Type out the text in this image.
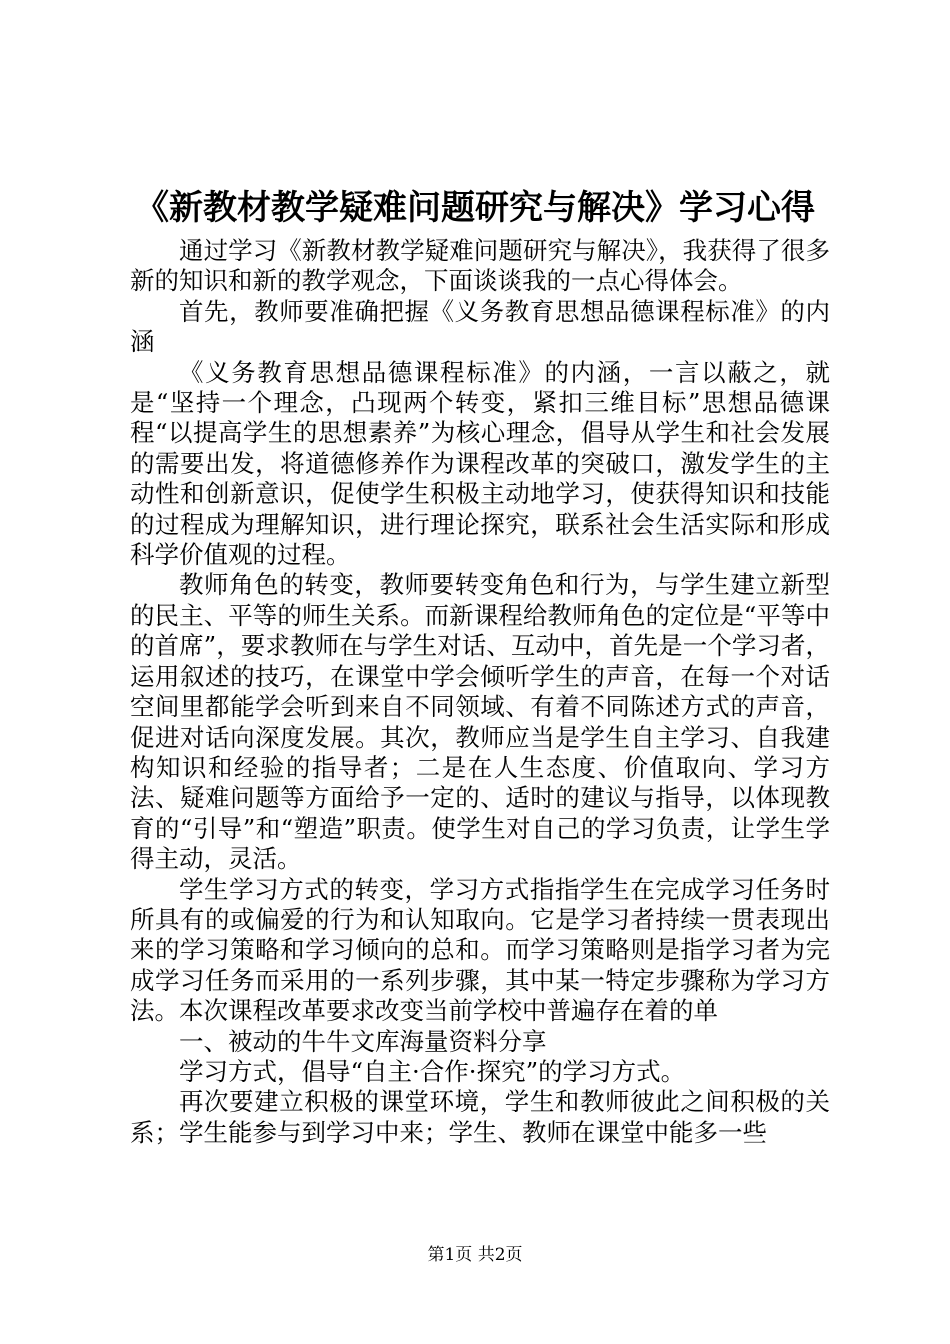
《新教材教学疑难问题研究与解决》学习心得

通过学习《新教材教学疑难问题研究与解决》，我获得了很多新的知识和新的教学观念，下面谈谈我的一点心得体会。

首先，教师要准确把握《义务教育思想品德课程标准》的内涵

《义务教育思想品德课程标准》的内涵，一言以蔽之，就是“坚持一个理念，凸现两个转变，紧扣三维目标”思想品德课程“以提高学生的思想素养”为核心理念，倡导从学生和社会发展的需要出发，将道德修养作为课程改革的突破口，激发学生的主动性和创新意识，促使学生积极主动地学习，使获得知识和技能的过程成为理解知识，进行理论探究，联系社会生活实际和形成科学价值观的过程。

教师角色的转变，教师要转变角色和行为，与学生建立新型的民主、平等的师生关系。而新课程给教师角色的定位是“平等中的首席”，要求教师在与学生对话、互动中，首先是一个学习者，运用叙述的技巧，在课堂中学会倾听学生的声音，在每一个对话空间里都能学会听到来自不同领域、有着不同陈述方式的声音，促进对话向深度发展。其次，教师应当是学生自主学习、自我建构知识和经验的指导者；二是在人生态度、价值取向、学习方法、疑难问题等方面给予一定的、适时的建议与指导，以体现教育的“引导”和“塑造”职责。使学生对自己的学习负责，让学生学得主动，灵活。

学生学习方式的转变，学习方式指指学生在完成学习任务时所具有的或偏爱的行为和认知取向。它是学习者持续一贯表现出来的学习策略和学习倾向的总和。而学习策略则是指学习者为完成学习任务而采用的一系列步骤，其中某一特定步骤称为学习方法。本次课程改革要求改变当前学校中普遍存在着的单

一、被动的牛牛文库海量资料分享

学习方式，倡导“自主·合作·探究”的学习方式。

再次要建立积极的课堂环境，学生和教师彼此之间积极的关系；学生能参与到学习中来；学生、教师在课堂中能多一些

第1页 共2页
